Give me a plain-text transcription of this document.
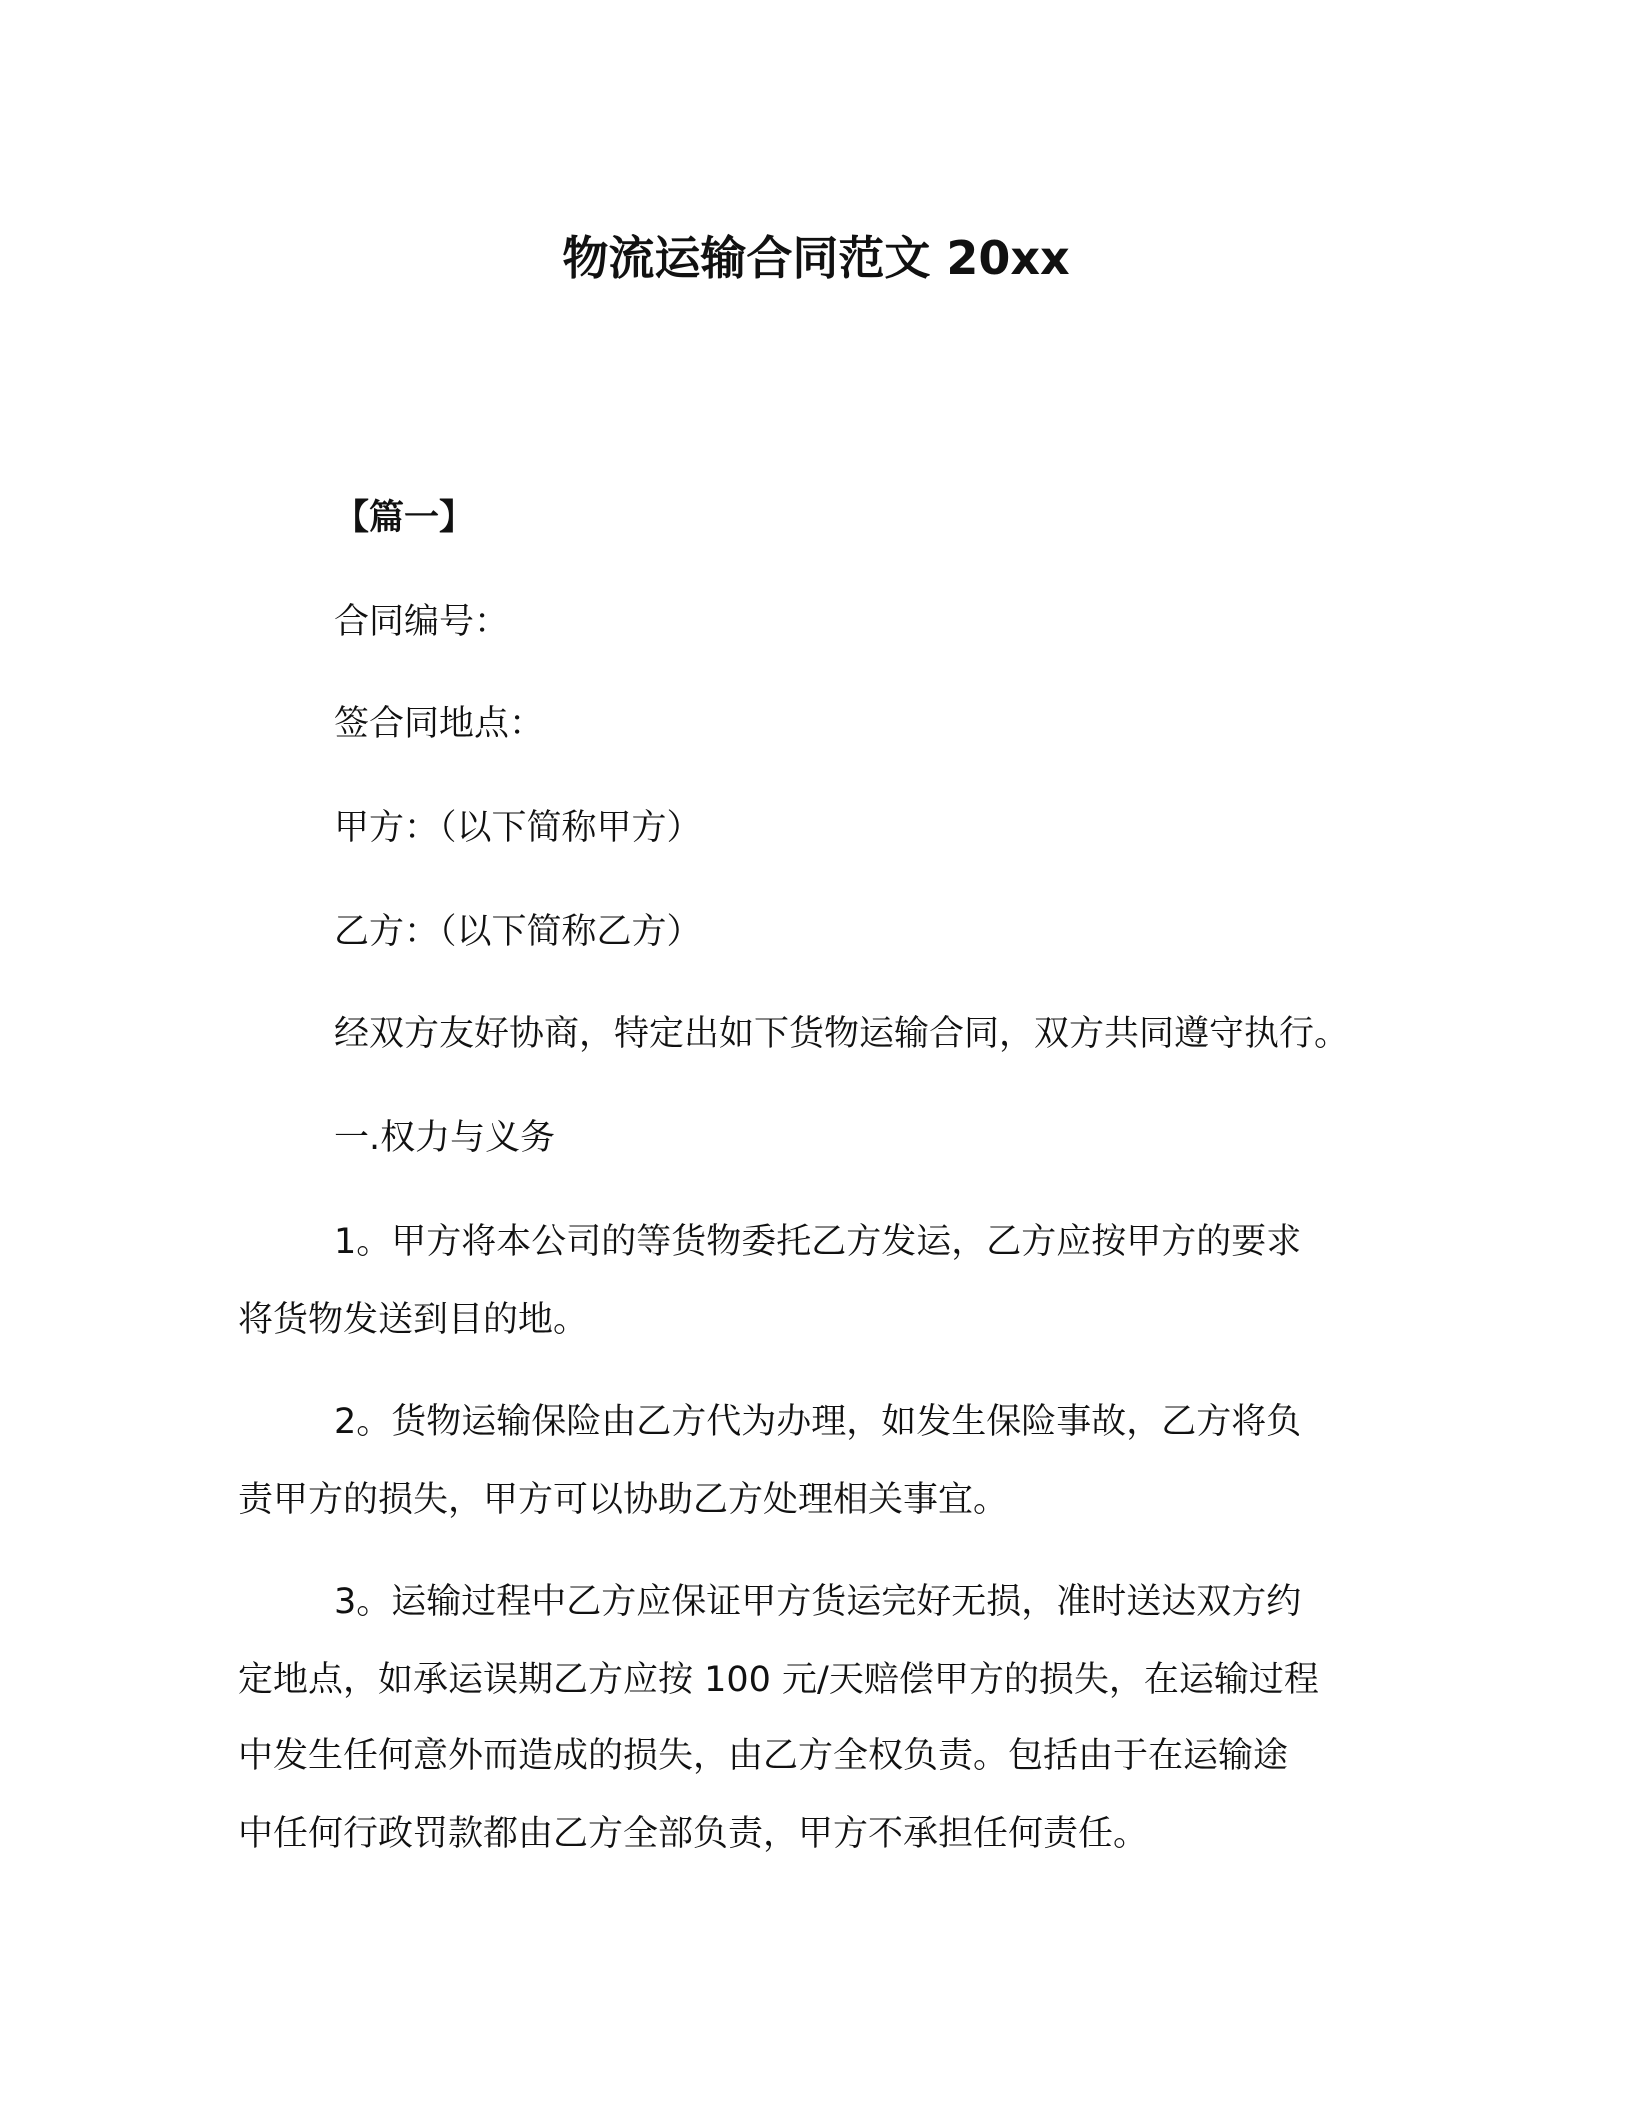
物流运输合同范文 20xx
【篇一】
合同编号：
签合同地点：
甲方：（以下简称甲方）
乙方：（以下简称乙方）
经双方友好协商，特定出如下货物运输合同，双方共同遵守执行。
一.权力与义务
1。甲方将本公司的等货物委托乙方发运，乙方应按甲方的要求
将货物发送到目的地。
2。货物运输保险由乙方代为办理，如发生保险事故，乙方将负
责甲方的损失，甲方可以协助乙方处理相关事宜。
3。运输过程中乙方应保证甲方货运完好无损，准时送达双方约
定地点，如承运误期乙方应按 100 元/天赔偿甲方的损失，在运输过程
中发生任何意外而造成的损失，由乙方全权负责。包括由于在运输途
中任何行政罚款都由乙方全部负责，甲方不承担任何责任。
